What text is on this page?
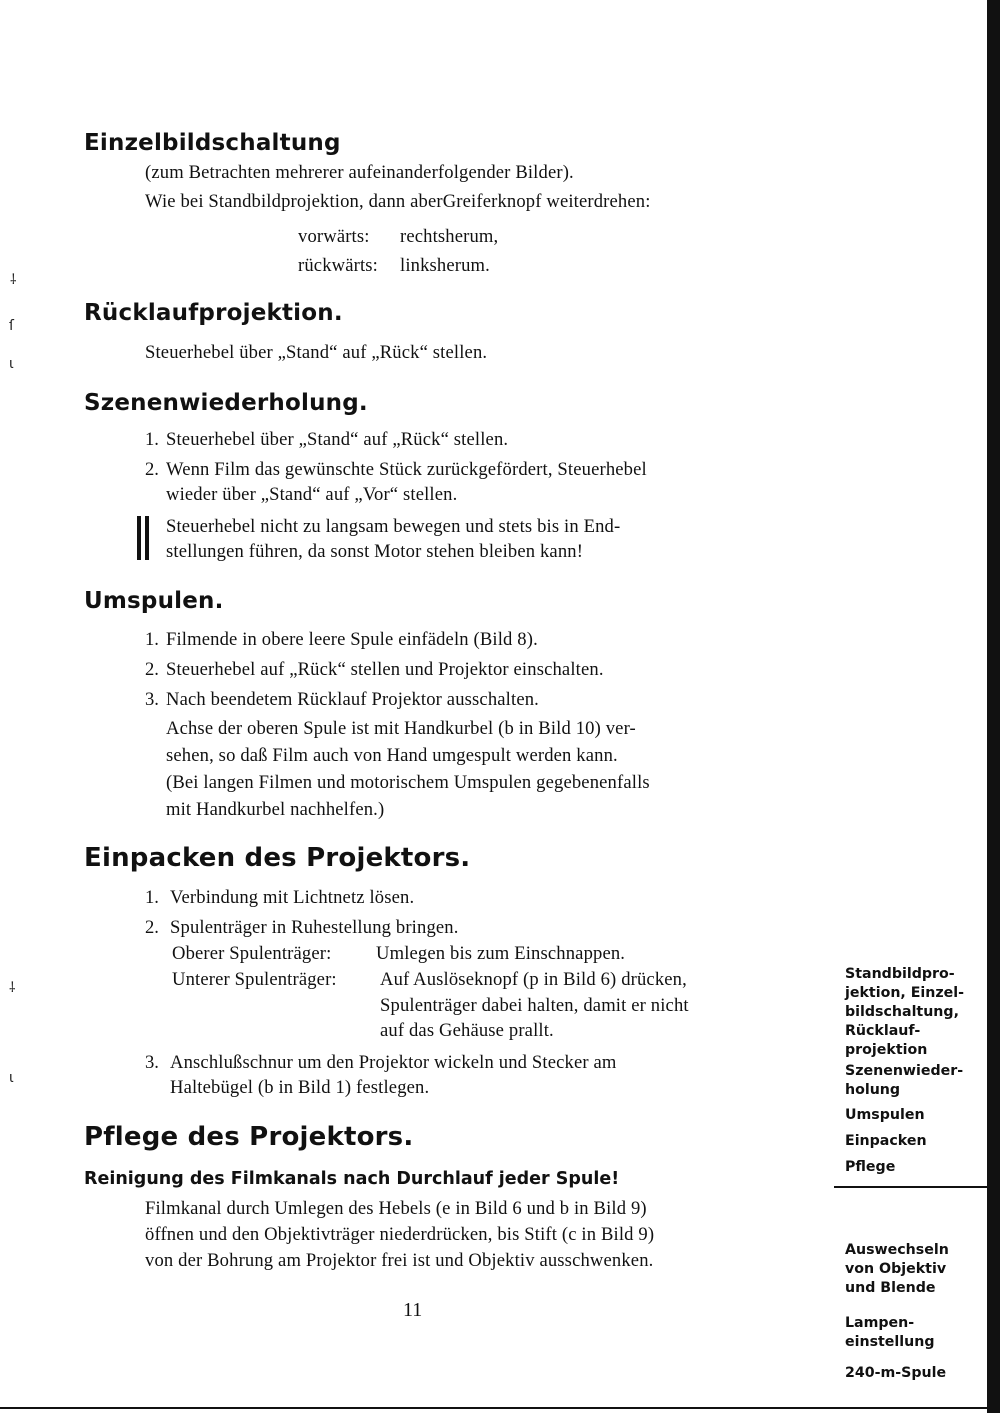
⸸
ſ
ɩ
⸸
ɩ
Einzelbildschaltung
(zum Betrachten mehrerer aufeinanderfolgender Bilder).
Wie bei Standbildprojektion, dann aberGreiferknopf weiterdrehen:
vorwärts: rechtsherum,
rückwärts: linksherum.
Rücklaufprojektion.
Steuerhebel über „Stand“ auf „Rück“ stellen.
Szenenwiederholung.
1. Steuerhebel über „Stand“ auf „Rück“ stellen.
2. Wenn Film das gewünschte Stück zurückgefördert, Steuerhebel
wieder über „Stand“ auf „Vor“ stellen.
Steuerhebel nicht zu langsam bewegen und stets bis in End-
stellungen führen, da sonst Motor stehen bleiben kann!
Umspulen.
1. Filmende in obere leere Spule einfädeln (Bild 8).
2. Steuerhebel auf „Rück“ stellen und Projektor einschalten.
3. Nach beendetem Rücklauf Projektor ausschalten.
Achse der oberen Spule ist mit Handkurbel (b in Bild 10) ver-
sehen, so daß Film auch von Hand umgespult werden kann.
(Bei langen Filmen und motorischem Umspulen gegebenenfalls
mit Handkurbel nachhelfen.)
Einpacken des Projektors.
1. Verbindung mit Lichtnetz lösen.
2. Spulenträger in Ruhestellung bringen.
Oberer Spulenträger: Umlegen bis zum Einschnappen.
Unterer Spulenträger: Auf Auslöseknopf (p in Bild 6) drücken,
Spulenträger dabei halten, damit er nicht
auf das Gehäuse prallt.
3. Anschlußschnur um den Projektor wickeln und Stecker am
Haltebügel (b in Bild 1) festlegen.
Pflege des Projektors.
Reinigung des Filmkanals nach Durchlauf jeder Spule!
Filmkanal durch Umlegen des Hebels (e in Bild 6 und b in Bild 9)
öffnen und den Objektivträger niederdrücken, bis Stift (c in Bild 9)
von der Bohrung am Projektor frei ist und Objektiv ausschwenken.
11
Standbildpro-
jektion, Einzel-
bildschaltung,
Rücklauf-
projektion
Szenenwieder-
holung
Umspulen
Einpacken
Pflege
Auswechseln
von Objektiv
und Blende
Lampen-
einstellung
240-m-Spule
